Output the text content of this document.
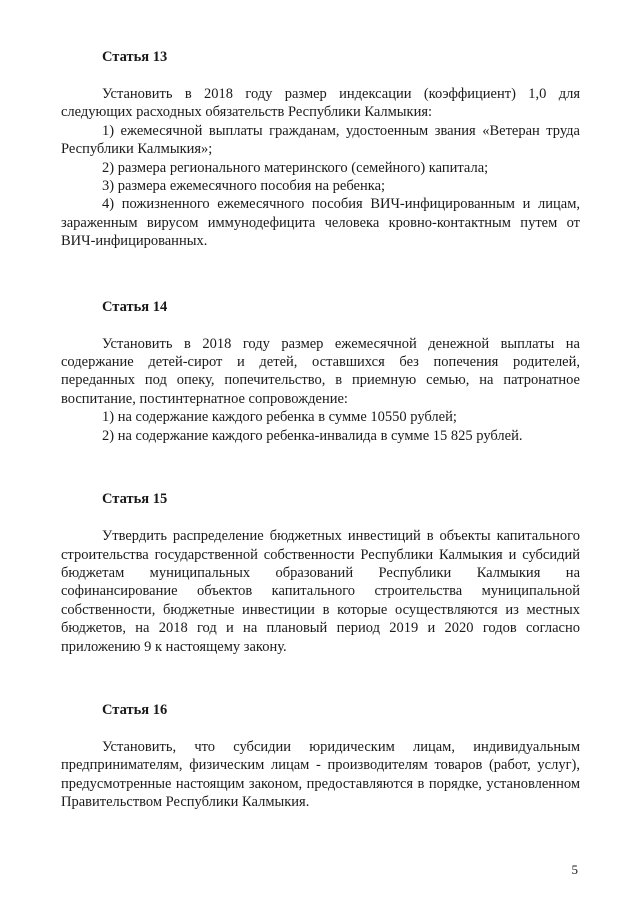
Статья 13

Установить в 2018 году размер индексации (коэффициент) 1,0 для следующих расходных обязательств Республики Калмыкия:

1) ежемесячной выплаты гражданам, удостоенным звания «Ветеран труда Республики Калмыкия»;

2) размера регионального материнского (семейного) капитала;

3) размера ежемесячного пособия на ребенка;

4) пожизненного ежемесячного пособия ВИЧ-инфицированным и лицам, зараженным вирусом иммунодефицита человека кровно-контактным путем от ВИЧ-инфицированных.

Статья 14

Установить в 2018 году размер ежемесячной денежной выплаты на содержание детей-сирот и детей, оставшихся без попечения родителей, переданных под опеку, попечительство, в приемную семью, на патронатное воспитание, постинтернатное сопровождение:

1) на содержание каждого ребенка в сумме 10550 рублей;

2) на содержание каждого ребенка-инвалида в сумме 15 825 рублей.

Статья 15

Утвердить распределение бюджетных инвестиций в объекты капитального строительства государственной собственности Республики Калмыкия и субсидий бюджетам муниципальных образований Республики Калмыкия на софинансирование объектов капитального строительства муниципальной собственности, бюджетные инвестиции в которые осуществляются из местных бюджетов, на 2018 год и на плановый период 2019 и 2020 годов согласно приложению 9 к настоящему закону.

Статья 16

Установить, что субсидии юридическим лицам, индивидуальным предпринимателям, физическим лицам - производителям товаров (работ, услуг), предусмотренные настоящим законом, предоставляются в порядке, установленном Правительством Республики Калмыкия.

5
